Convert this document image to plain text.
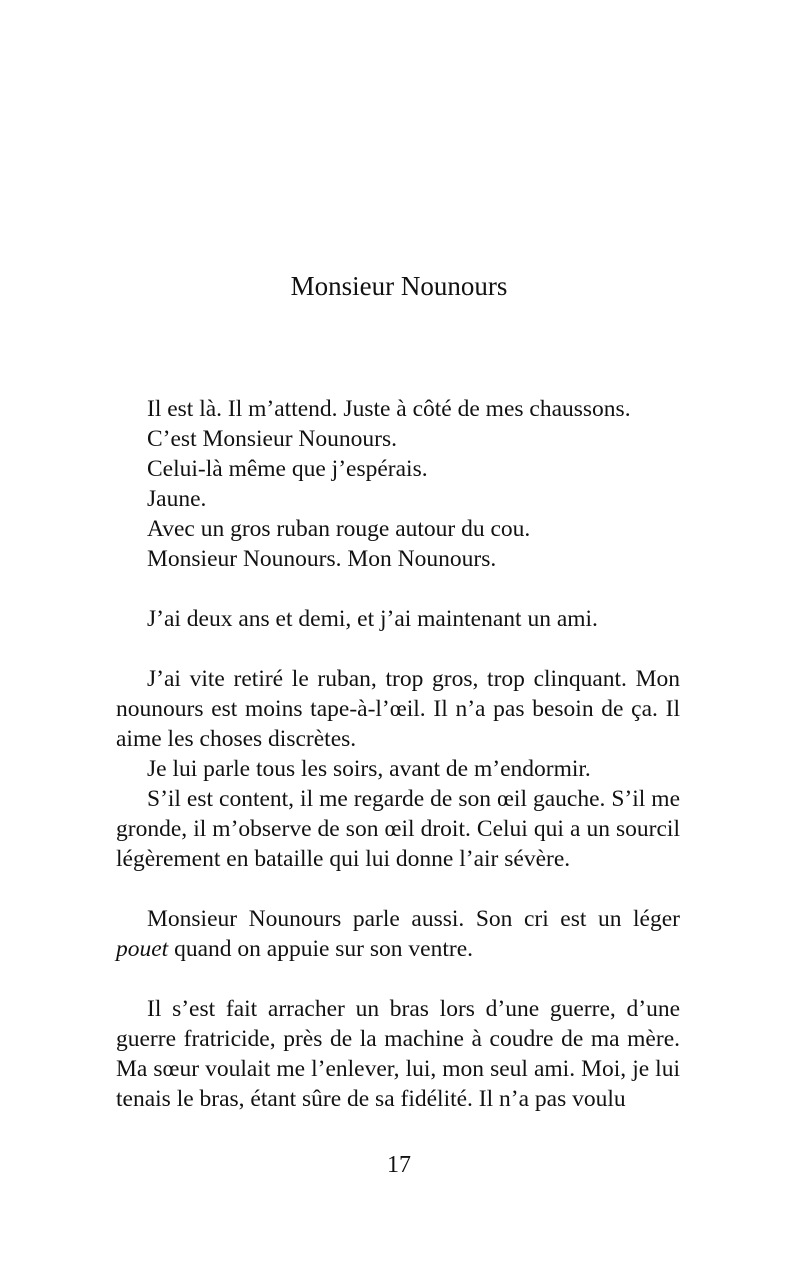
Monsieur Nounours

Il est là. Il m’attend. Juste à côté de mes chaussons.

C’est Monsieur Nounours.

Celui-là même que j’espérais.

Jaune.

Avec un gros ruban rouge autour du cou.

Monsieur Nounours. Mon Nounours.

J’ai deux ans et demi, et j’ai maintenant un ami.

J’ai vite retiré le ruban, trop gros, trop clinquant. Mon nounours est moins tape-à-l’œil. Il n’a pas besoin de ça. Il aime les choses discrètes.

Je lui parle tous les soirs, avant de m’endormir.

S’il est content, il me regarde de son œil gauche. S’il me gronde, il m’observe de son œil droit. Celui qui a un sourcil légèrement en bataille qui lui donne l’air sévère.

Monsieur Nounours parle aussi. Son cri est un léger pouet quand on appuie sur son ventre.

Il s’est fait arracher un bras lors d’une guerre, d’une guerre fratricide, près de la machine à coudre de ma mère. Ma sœur voulait me l’enlever, lui, mon seul ami. Moi, je lui tenais le bras, étant sûre de sa fidélité. Il n’a pas voulu

17
